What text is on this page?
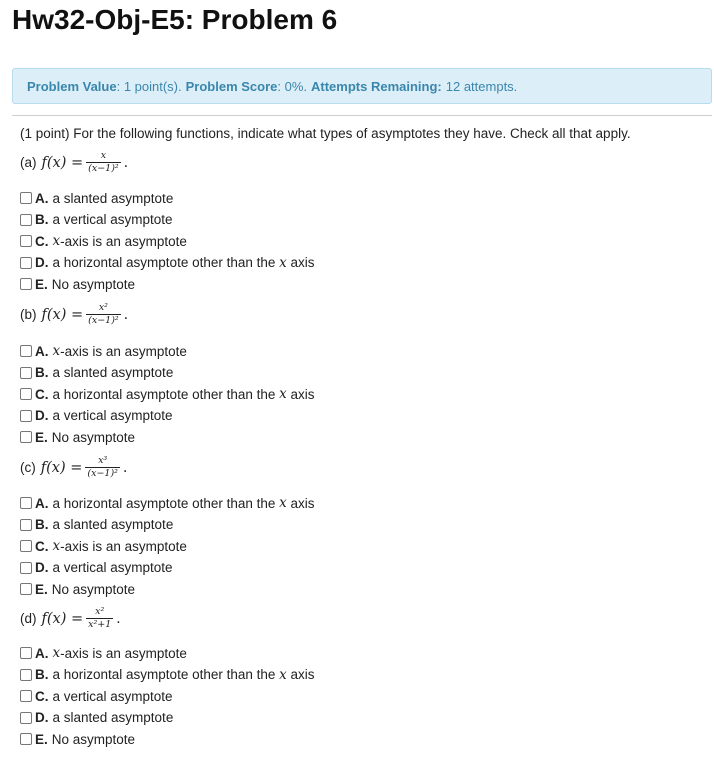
Hw32-Obj-E5: Problem 6
Problem Value : 1 point(s). Problem Score : 0%. Attempts Remaining: 12 attempts.
(1 point) For the following functions, indicate what types of asymptotes they have. Check all that apply.
(a) $f(x) = \frac{x}{\text{(x−1)²}}$ .
A. a slanted asymptote
B. a vertical asymptote
C. x -axis is an asymptote
D. a horizontal asymptote other than the x axis
E. No asymptote
(b) $f(x) = \frac{\text{x²}}{\text{(x−1)²}}$ .
A. x -axis is an asymptote
B. a slanted asymptote
C. a horizontal asymptote other than the x axis
D. a vertical asymptote
E. No asymptote
(c) $f(x) = \frac{\text{x³}}{\text{(x−1)²}}$ .
A. a horizontal asymptote other than the x axis
B. a slanted asymptote
C. x -axis is an asymptote
D. a vertical asymptote
E. No asymptote
(d) $f(x) = \frac{\text{x²}}{\text{x²+1}}$ .
A. x -axis is an asymptote
B. a horizontal asymptote other than the x axis
C. a vertical asymptote
D. a slanted asymptote
E. No asymptote
